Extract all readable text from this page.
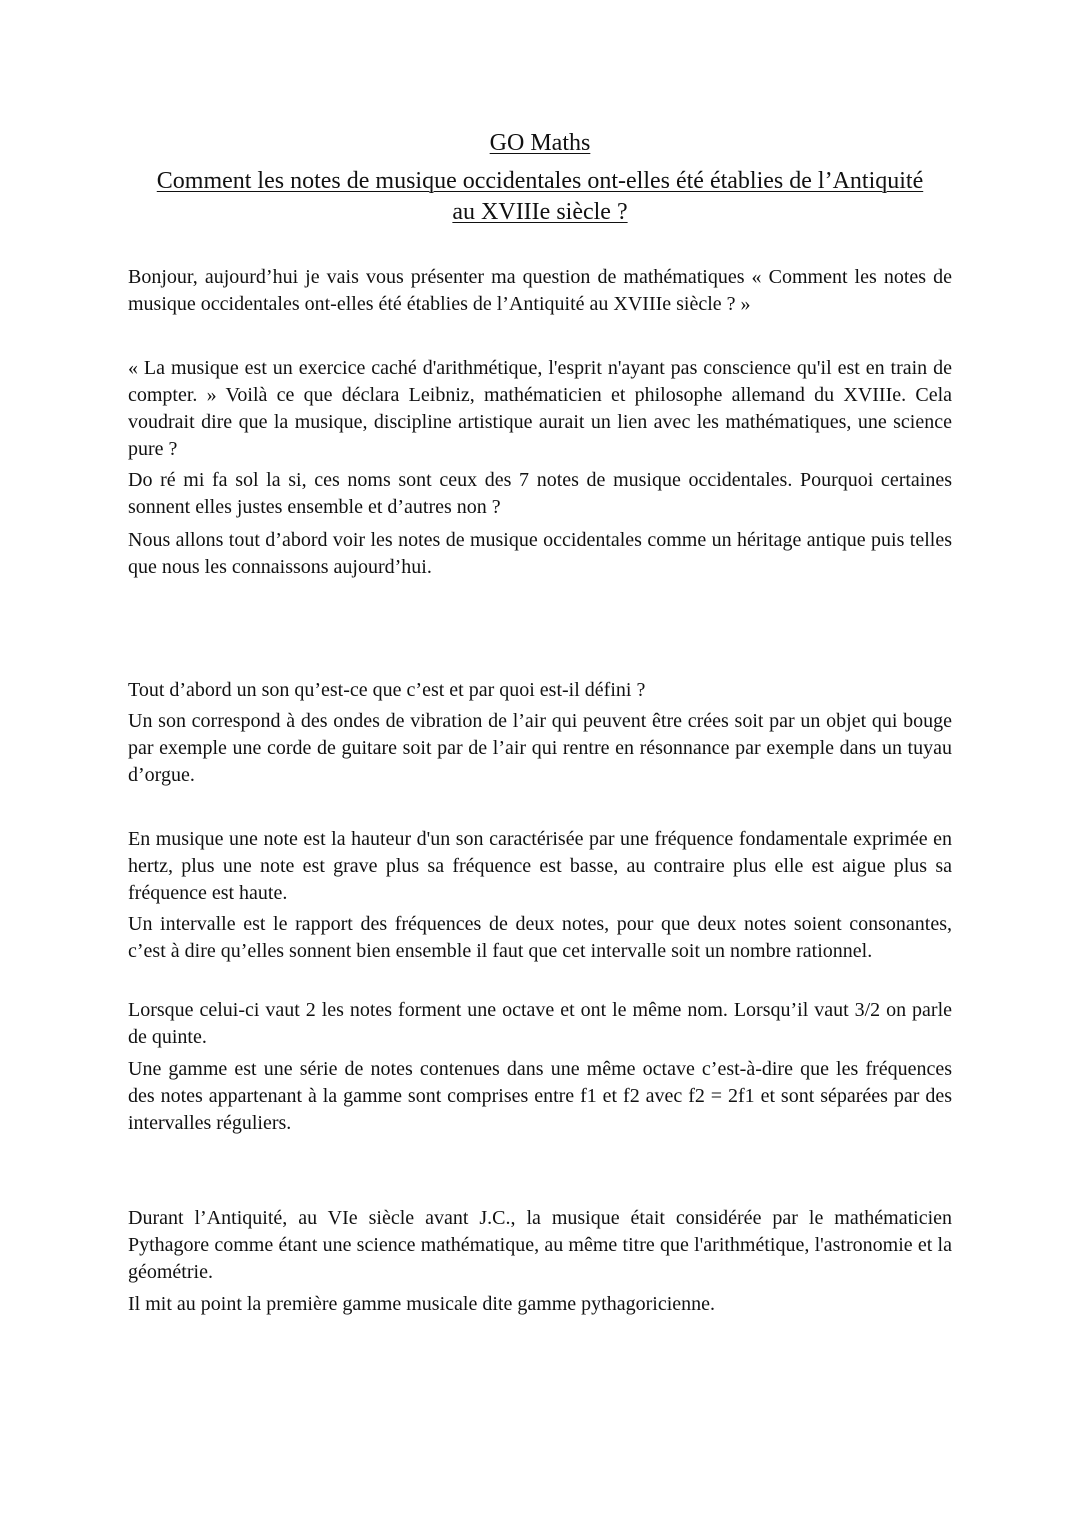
GO Maths
Comment les notes de musique occidentales ont-elles été établies de l’Antiquité
au XVIIIe siècle ?

Bonjour, aujourd’hui je vais vous présenter ma question de mathématiques « Comment les notes de musique occidentales ont-elles été établies de l’Antiquité au XVIIIe siècle ? »

« La musique est un exercice caché d'arithmétique, l'esprit n'ayant pas conscience qu'il est en train de compter. » Voilà ce que déclara Leibniz, mathématicien et philosophe allemand du XVIIIe. Cela voudrait dire que la musique, discipline artistique aurait un lien avec les mathématiques, une science pure ?

Do ré mi fa sol la si, ces noms sont ceux des 7 notes de musique occidentales. Pourquoi certaines sonnent elles justes ensemble et d’autres non ?

Nous allons tout d’abord voir les notes de musique occidentales comme un héritage antique puis telles que nous les connaissons aujourd’hui.

Tout d’abord un son qu’est-ce que c’est et par quoi est-il défini ?

Un son correspond à des ondes de vibration de l’air qui peuvent être crées soit par un objet qui bouge par exemple une corde de guitare soit par de l’air qui rentre en résonnance par exemple dans un tuyau d’orgue.

En musique une note est la hauteur d'un son caractérisée par une fréquence fondamentale exprimée en hertz, plus une note est grave plus sa fréquence est basse, au contraire plus elle est aigue plus sa fréquence est haute.

Un intervalle est le rapport des fréquences de deux notes, pour que deux notes soient consonantes, c’est à dire qu’elles sonnent bien ensemble il faut que cet intervalle soit un nombre rationnel.

Lorsque celui-ci vaut 2 les notes forment une octave et ont le même nom. Lorsqu’il vaut 3/2 on parle de quinte.

Une gamme est une série de notes contenues dans une même octave c’est-à-dire que les fréquences des notes appartenant à la gamme sont comprises entre f1 et f2 avec f2 = 2f1 et sont séparées par des intervalles réguliers.

Durant l’Antiquité, au VIe siècle avant J.C., la musique était considérée par le mathématicien Pythagore comme étant une science mathématique, au même titre que l'arithmétique, l'astronomie et la géométrie.

Il mit au point la première gamme musicale dite gamme pythagoricienne.
